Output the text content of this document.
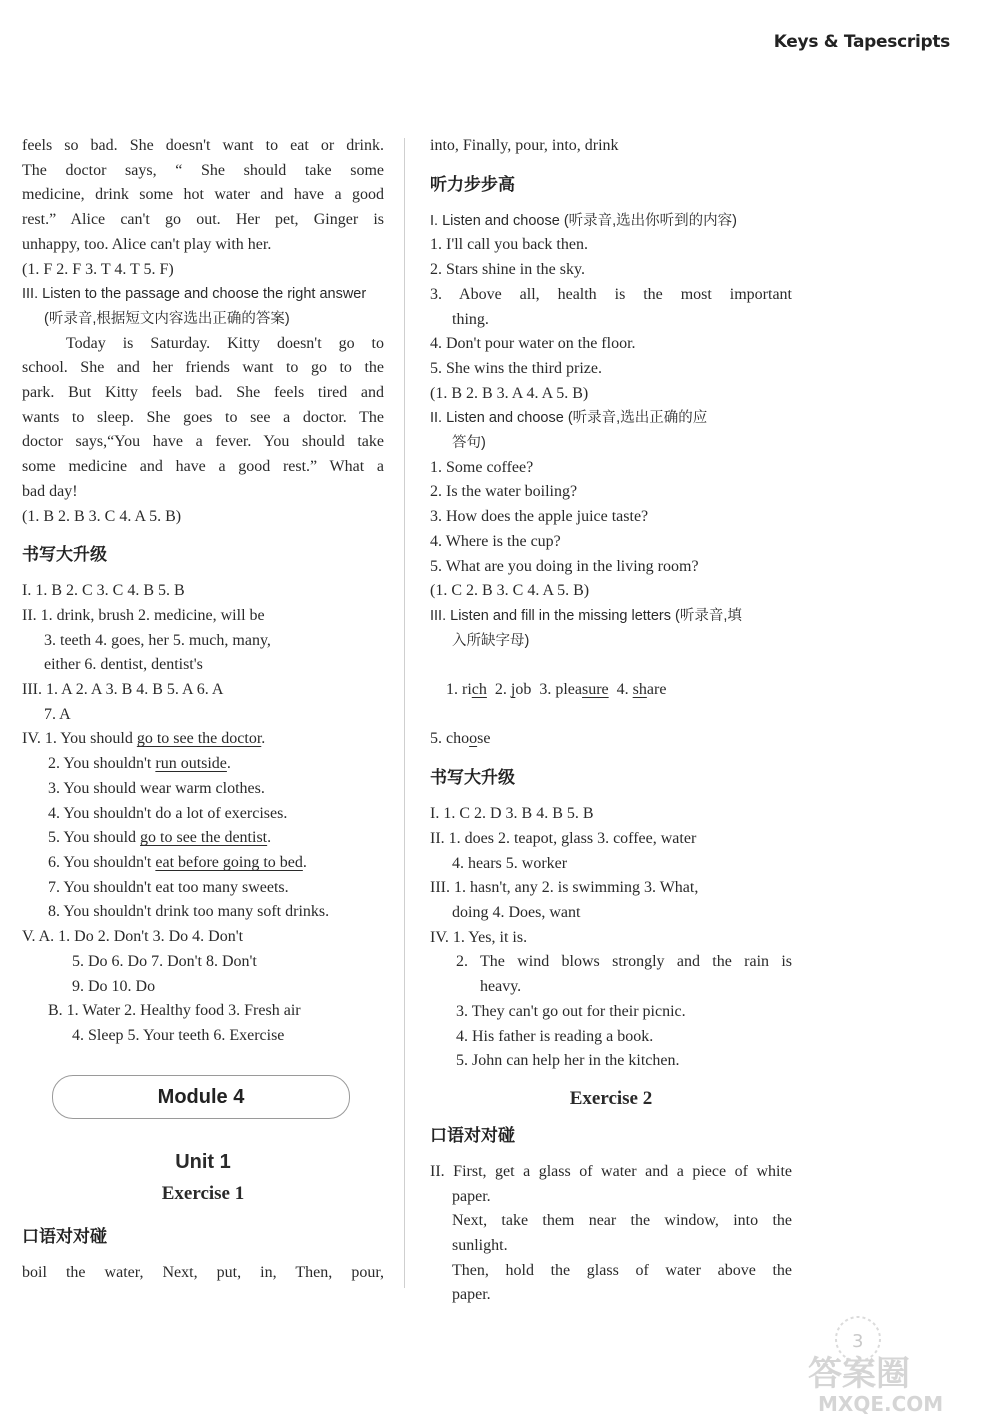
Keys & Tapescripts
feels so bad. She doesn't want to eat or drink.
The doctor says, “ She should take some
medicine, drink some hot water and have a good
rest.” Alice can't go out. Her pet, Ginger is
unhappy, too. Alice can't play with her.
(1. F 2. F 3. T 4. T 5. F)
III. Listen to the passage and choose the right answer
(听录音,根据短文内容选出正确的答案)
Today is Saturday. Kitty doesn't go to
school. She and her friends want to go to the
park. But Kitty feels bad. She feels tired and
wants to sleep. She goes to see a doctor. The
doctor says,“You have a fever. You should take
some medicine and have a good rest.” What a
bad day!
(1. B 2. B 3. C 4. A 5. B)
书写大升级
I. 1. B 2. C 3. C 4. B 5. B
II. 1. drink, brush 2. medicine, will be
3. teeth 4. goes, her 5. much, many,
either 6. dentist, dentist's
III. 1. A 2. A 3. B 4. B 5. A 6. A
7. A
IV. 1. You should go to see the doctor.
2. You shouldn't run outside.
3. You should wear warm clothes.
4. You shouldn't do a lot of exercises.
5. You should go to see the dentist.
6. You shouldn't eat before going to bed.
7. You shouldn't eat too many sweets.
8. You shouldn't drink too many soft drinks.
V. A. 1. Do 2. Don't 3. Do 4. Don't
5. Do 6. Do 7. Don't 8. Don't
9. Do 10. Do
B. 1. Water 2. Healthy food 3. Fresh air
4. Sleep 5. Your teeth 6. Exercise
Module 4
Unit 1
Exercise 1
口语对对碰
boil the water, Next, put, in, Then, pour,
into, Finally, pour, into, drink
听力步步高
I. Listen and choose (听录音,选出你听到的内容)
1. I'll call you back then.
2. Stars shine in the sky.
3. Above all, health is the most important
thing.
4. Don't pour water on the floor.
5. She wins the third prize.
(1. B 2. B 3. A 4. A 5. B)
II. Listen and choose (听录音,选出正确的应
答句)
1. Some coffee?
2. Is the water boiling?
3. How does the apple juice taste?
4. Where is the cup?
5. What are you doing in the living room?
(1. C 2. B 3. C 4. A 5. B)
III. Listen and fill in the missing letters (听录音,填
入所缺字母)

1. rich  2. job  3. pleasure  4. share

5. choose
书写大升级
I. 1. C 2. D 3. B 4. B 5. B
II. 1. does 2. teapot, glass 3. coffee, water
4. hears 5. worker
III. 1. hasn't, any 2. is swimming 3. What,
doing 4. Does, want
IV. 1. Yes, it is.
2. The wind blows strongly and the rain is
heavy.
3. They can't go out for their picnic.
4. His father is reading a book.
5. John can help her in the kitchen.
Exercise 2
口语对对碰
II. First, get a glass of water and a piece of white
paper.
Next, take them near the window, into the
sunlight.
Then, hold the glass of water above the
paper.
3
答案圈
MXQE.COM
